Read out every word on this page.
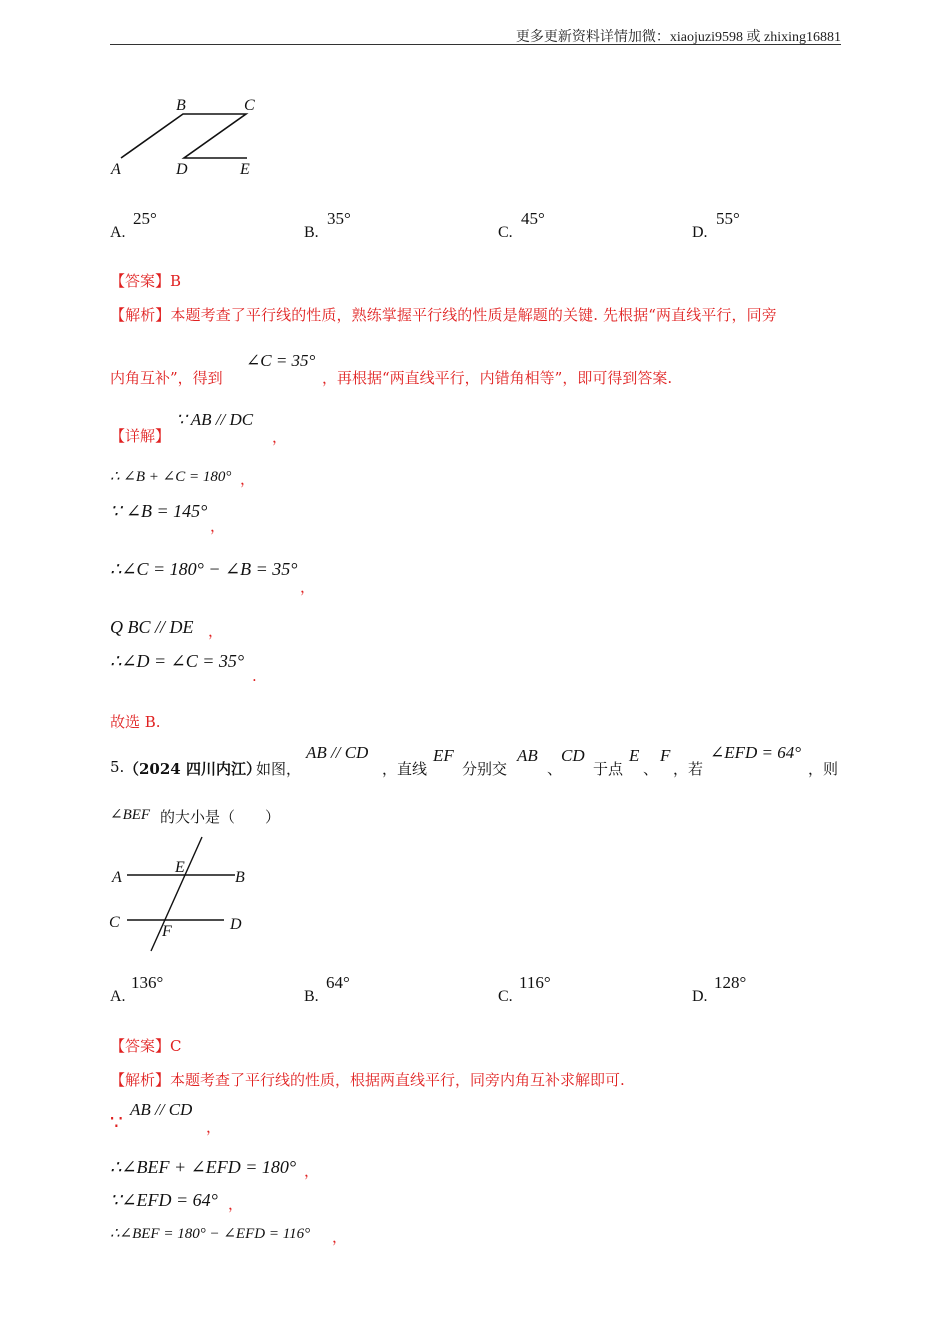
更多更新资料详情加微：xiaojuzi9598 或 zhixing16881
A
B	C
D	E
A.
25°
B.
35°
C.
45°
D.
55°
【答案】B
【解析】本题考查了平行线的性质，熟练掌握平行线的性质是解题的关键. 先根据“两直线平行，同旁
内角互补”，得到
∠C = 35°
，再根据“两直线平行，内错角相等”，即可得到答案.
【详解】
∵ AB // DC
，
∴ ∠B + ∠C = 180° ，
∵ ∠B = 145°
，
∴∠C = 180° − ∠B = 35°
，
Q BC // DE ，
∴∠D = ∠C = 35°
.
故选 B.
5. （2024 四川内江）
如图，
AB // CD
，直线
EF
分别交
AB
、
CD
于点
E
、
F
，若
∠EFD = 64°
，则
∠BEF 的大小是（　　）
A	B
C	D
E
F
A.
136°
B.
64°
C.
116°
D.
128°
【答案】C
【解析】本题考查了平行线的性质，根据两直线平行，同旁内角互补求解即可.
∵
AB // CD
，
∴∠BEF + ∠EFD = 180° ，
∵∠EFD = 64° ，
∴∠BEF = 180° − ∠EFD = 116° ，
